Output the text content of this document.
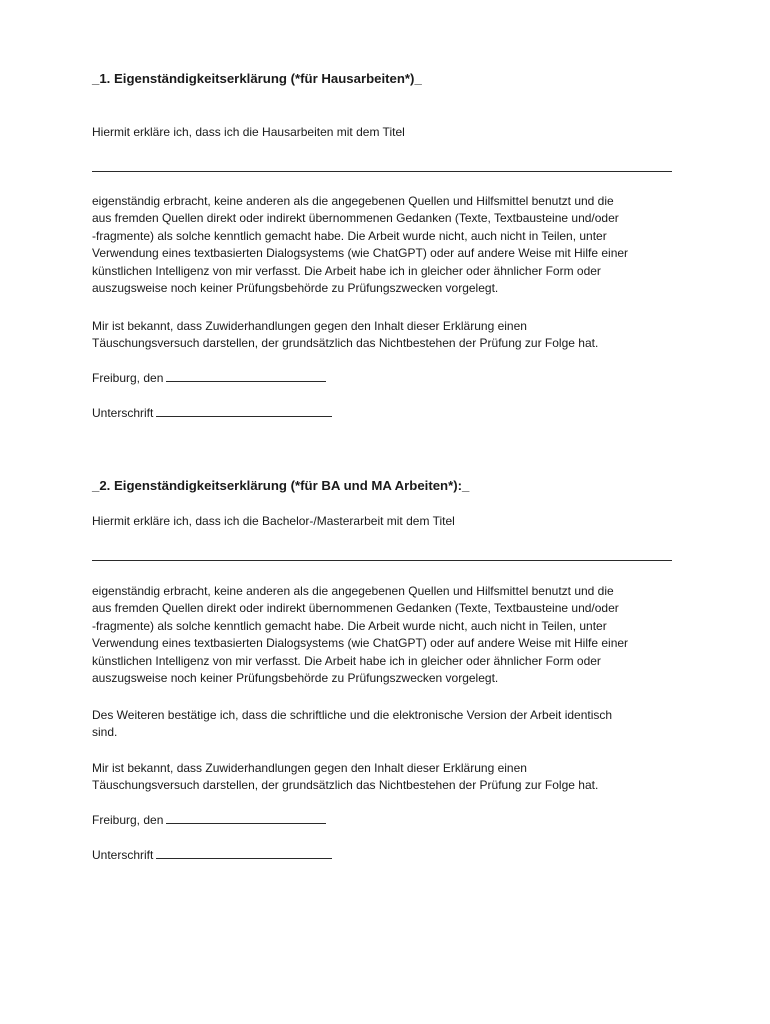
_1. Eigenständigkeitserklärung (*für Hausarbeiten*)_

Hiermit erkläre ich, dass ich die Hausarbeiten mit dem Titel

eigenständig erbracht, keine anderen als die angegebenen Quellen und Hilfsmittel benutzt und die
aus fremden Quellen direkt oder indirekt übernommenen Gedanken (Texte, Textbausteine und/oder
-fragmente) als solche kenntlich gemacht habe. Die Arbeit wurde nicht, auch nicht in Teilen, unter
Verwendung eines textbasierten Dialogsystems (wie ChatGPT) oder auf andere Weise mit Hilfe einer
künstlichen Intelligenz von mir verfasst. Die Arbeit habe ich in gleicher oder ähnlicher Form oder
auszugsweise noch keiner Prüfungsbehörde zu Prüfungszwecken vorgelegt.
Mir ist bekannt, dass Zuwiderhandlungen gegen den Inhalt dieser Erklärung einen
Täuschungsversuch darstellen, der grundsätzlich das Nichtbestehen der Prüfung zur Folge hat.

Freiburg, den

Unterschrift

_2. Eigenständigkeitserklärung (*für BA und MA Arbeiten*):_

Hiermit erkläre ich, dass ich die Bachelor-/Masterarbeit mit dem Titel

eigenständig erbracht, keine anderen als die angegebenen Quellen und Hilfsmittel benutzt und die
aus fremden Quellen direkt oder indirekt übernommenen Gedanken (Texte, Textbausteine und/oder
-fragmente) als solche kenntlich gemacht habe. Die Arbeit wurde nicht, auch nicht in Teilen, unter
Verwendung eines textbasierten Dialogsystems (wie ChatGPT) oder auf andere Weise mit Hilfe einer
künstlichen Intelligenz von mir verfasst. Die Arbeit habe ich in gleicher oder ähnlicher Form oder
auszugsweise noch keiner Prüfungsbehörde zu Prüfungszwecken vorgelegt.
Des Weiteren bestätige ich, dass die schriftliche und die elektronische Version der Arbeit identisch
sind.
Mir ist bekannt, dass Zuwiderhandlungen gegen den Inhalt dieser Erklärung einen
Täuschungsversuch darstellen, der grundsätzlich das Nichtbestehen der Prüfung zur Folge hat.

Freiburg, den

Unterschrift
